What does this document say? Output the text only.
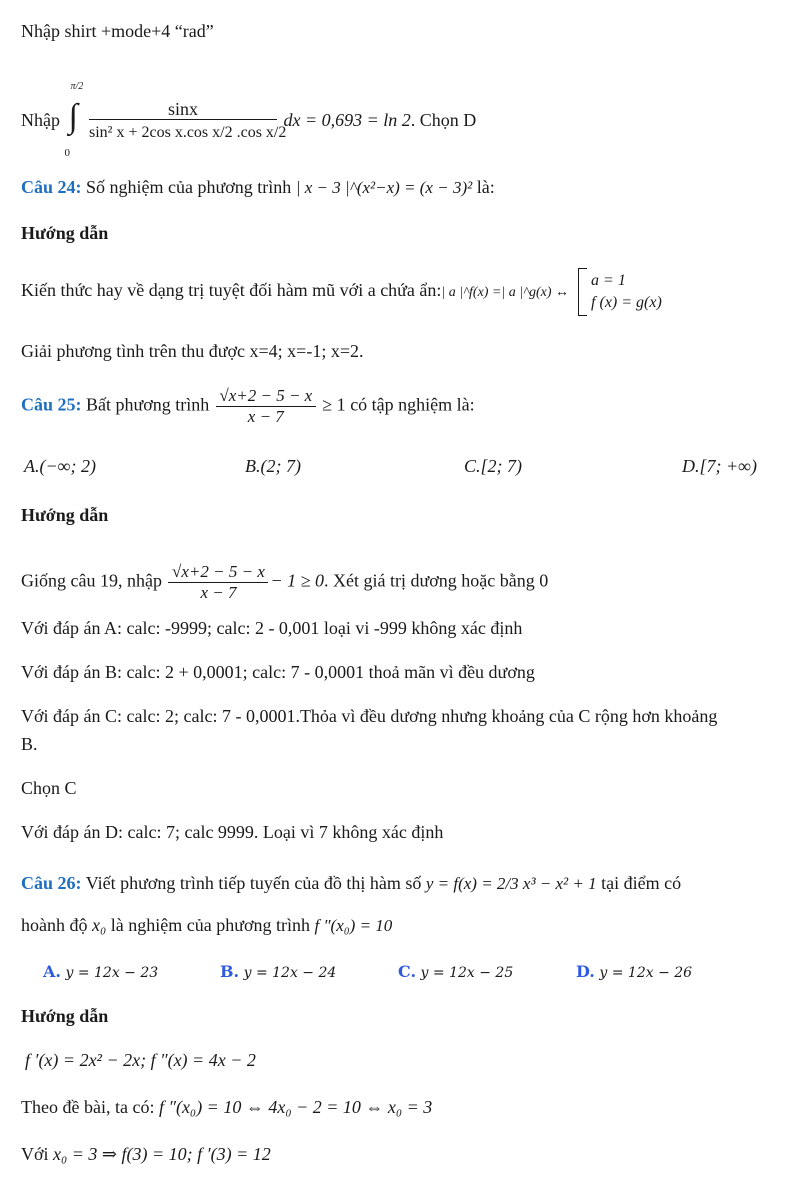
Nhập shirt +mode+4 “rad”
Nhập
π/2
∫
0

$\frac{\sin x}{\text{sin² x + 2cos x.cos x/2 .cos x/2}}$ dx = 0,693 = ln 2. Chọn D
Câu 24: Số nghiệm của phương trình | x − 3 |^(x²−x) = (x − 3)² là:
Hướng dẫn
Kiến thức hay về dạng trị tuyệt đối hàm mũ với a chứa ẩn:| a |^f(x) =| a |^g(x) ↔
a = 1
f (x) = g(x)
Giải phương tình trên thu được x=4; x=-1; x=2.
Câu 25: Bất phương trình $\frac{√x+2 - 5 - x}{x - 7} \ge 1$ có tập nghiệm là:
A.(−∞; 2)	B.(2; 7)	C.[2; 7)	D.[7; +∞)
Hướng dẫn
Giống câu 19, nhập $\frac{√x+2 - 5 - x}{x - 7} - 1 \ge 0$. Xét giá trị dương hoặc bằng 0
Với đáp án A: calc: -9999; calc: 2 - 0,001 loại vi -999 không xác định
Với đáp án B: calc: 2 + 0,0001; calc: 7 - 0,0001 thoả mãn vì đều dương
Với đáp án C: calc: 2; calc: 7 - 0,0001.Thỏa vì đều dương nhưng khoảng của C rộng hơn khoảng
B.
Chọn C
Với đáp án D: calc: 7; calc 9999. Loại vì 7 không xác định
Câu 26: Viết phương trình tiếp tuyến của đồ thị hàm số y = f(x) = 2/3 x³ − x² + 1 tại điểm có
hoành độ x₀ là nghiệm của phương trình f ″(x₀) = 10
A. y = 12x − 23	B. y = 12x − 24	C. y = 12x − 25	D. y = 12x − 26
Hướng dẫn
f ′(x) = 2x² − 2x; f ″(x) = 4x − 2
Theo đề bài, ta có: f ″(x₀) = 10 ⇔ 4x₀ − 2 = 10 ⇔ x₀ = 3
Với x₀ = 3 ⇒ f(3) = 10; f ′(3) = 12
